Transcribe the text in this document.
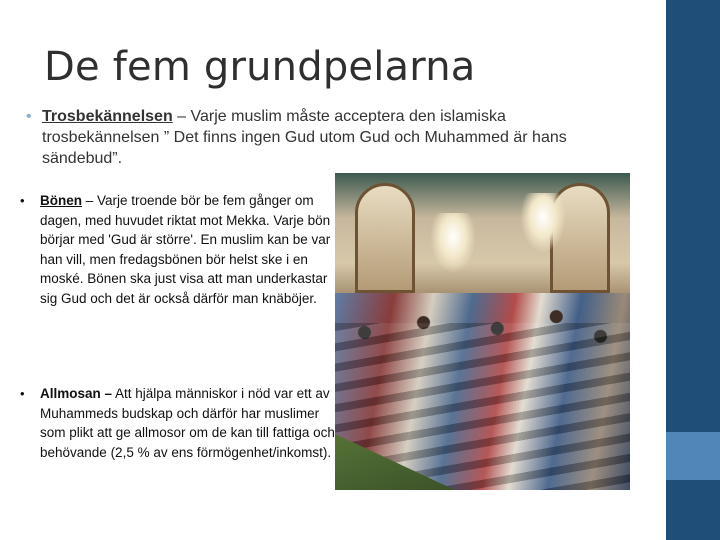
De fem grundpelarna
• Trosbekännelsen – Varje muslim måste acceptera den islamiska trosbekännelsen ” Det finns ingen Gud utom Gud och Muhammed är hans sändebud”.
•	Bönen – Varje troende bör be fem gånger om dagen, med huvudet riktat mot Mekka. Varje bön börjar med 'Gud är större'. En muslim kan be var han vill, men fredagsbönen bör helst ske i en moské. Bönen ska just visa att man underkastar sig Gud och det är också därför man knäböjer.
•	Allmosan – Att hjälpa människor i nöd var ett av Muhammeds budskap och därför har muslimer som plikt att ge allmosor om de kan till fattiga och behövande (2,5 % av ens förmögenhet/inkomst).
